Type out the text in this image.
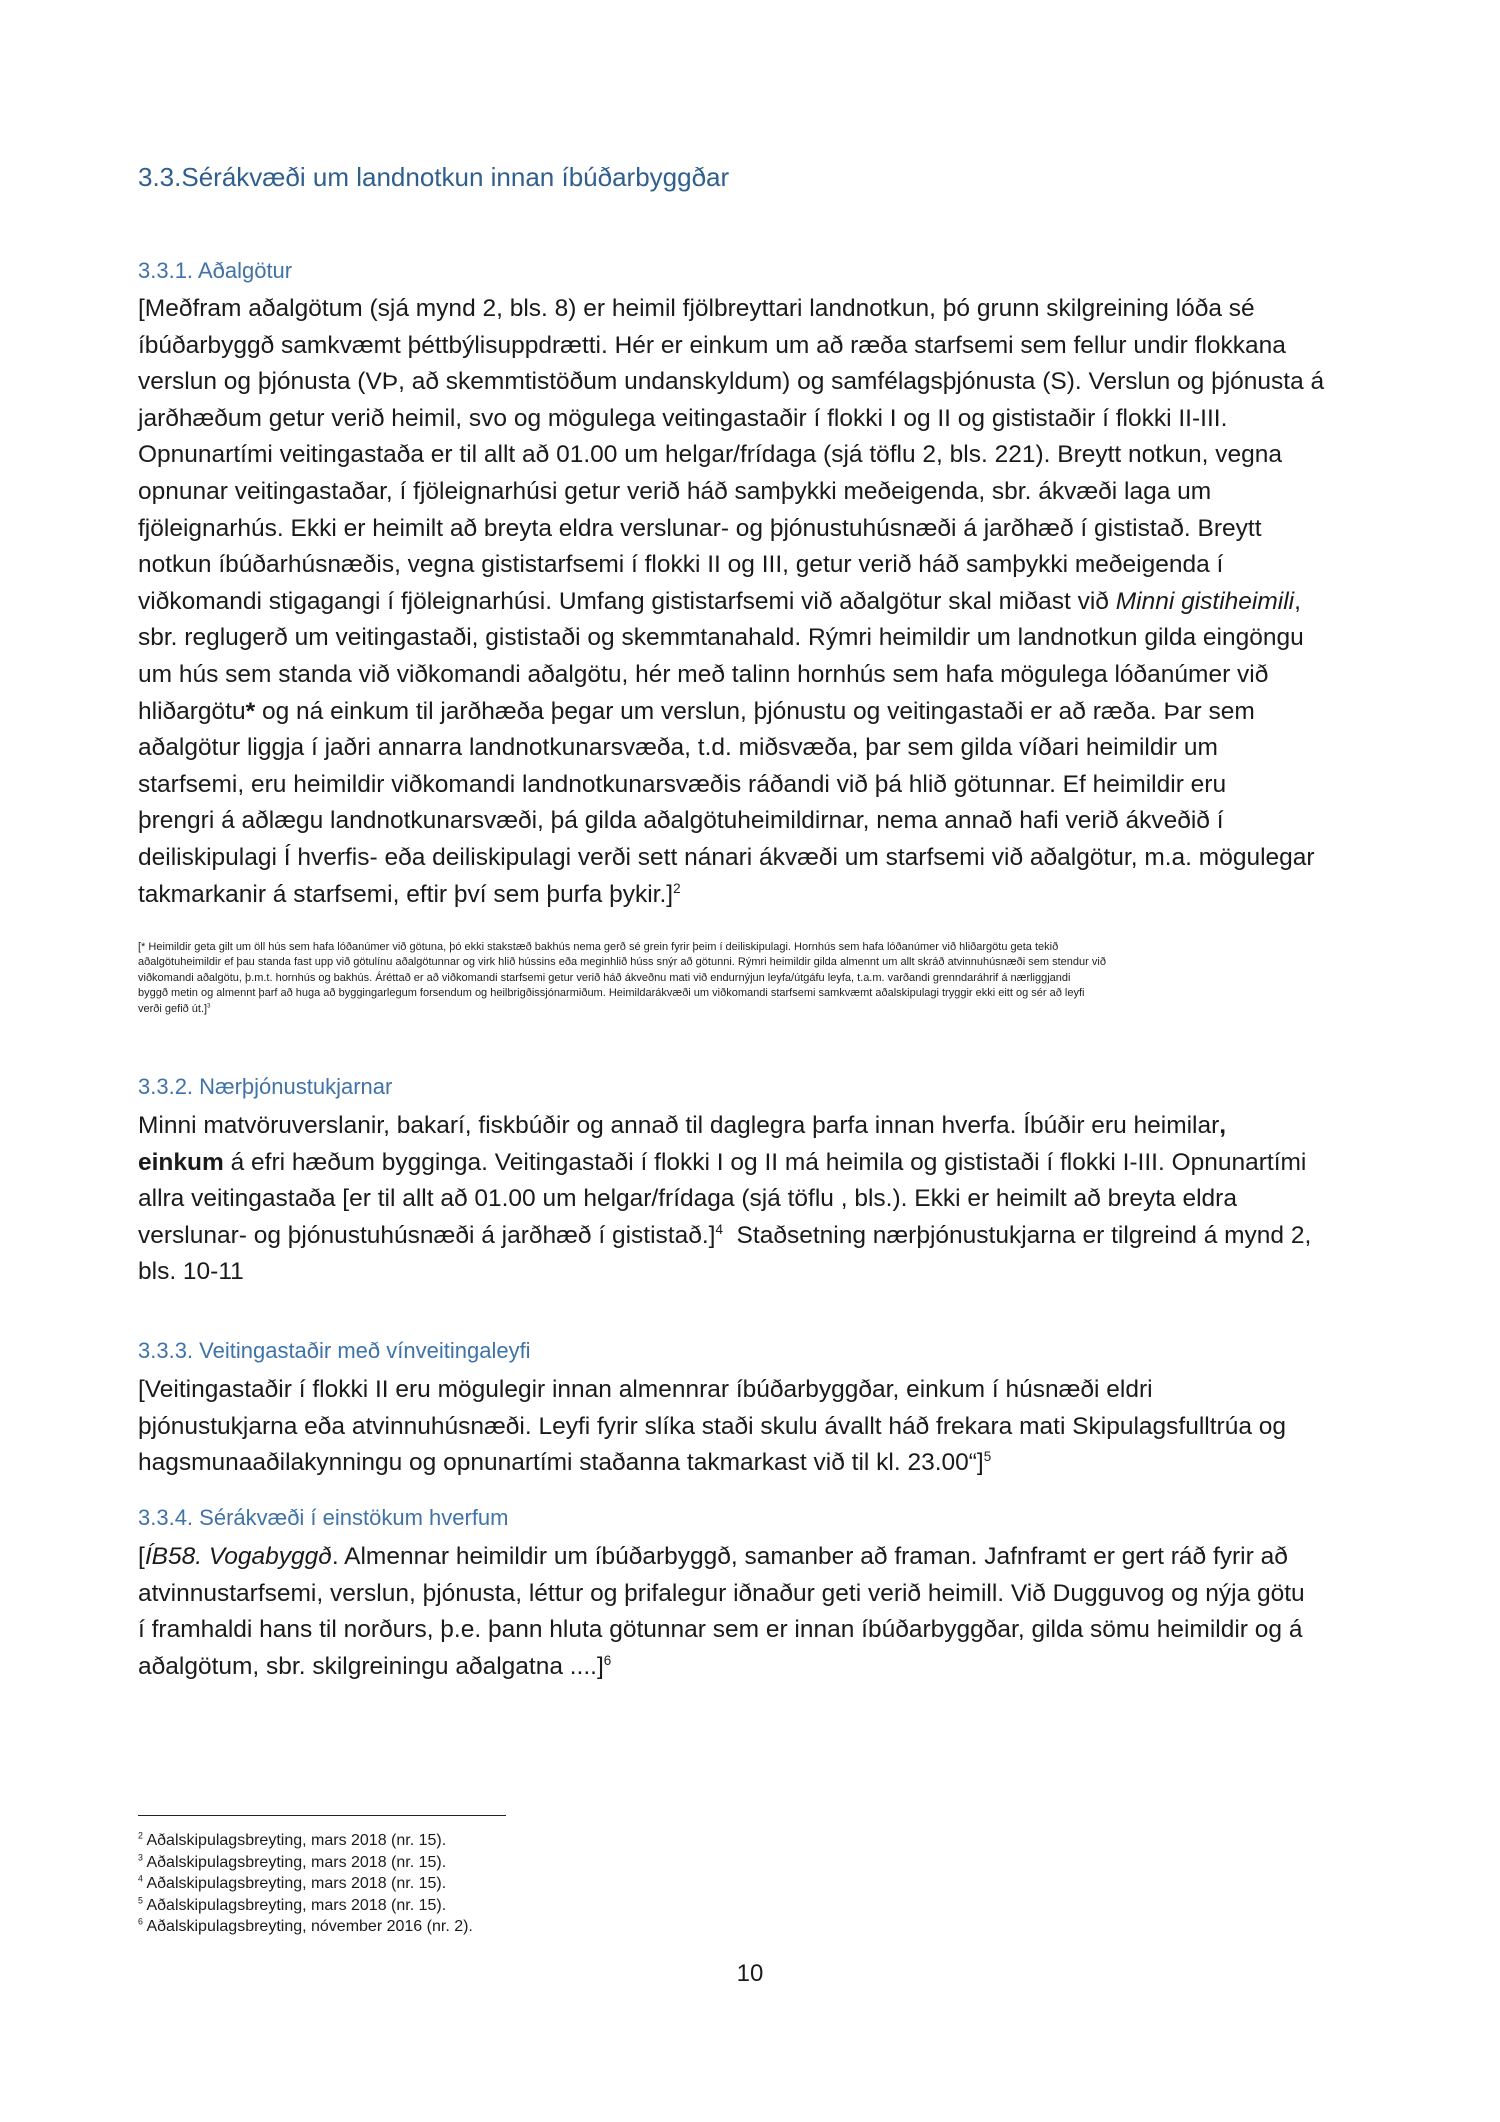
3.3.Sérákvæði um landnotkun innan íbúðarbyggðar
3.3.1. Aðalgötur
[Meðfram aðalgötum (sjá mynd 2, bls. 8) er heimil fjölbreyttari landnotkun, þó grunn skilgreining lóða sé
íbúðarbyggð samkvæmt þéttbýlisuppdrætti. Hér er einkum um að ræða starfsemi sem fellur undir flokkana
verslun og þjónusta (VÞ, að skemmtistöðum undanskyldum) og samfélagsþjónusta (S). Verslun og þjónusta á
jarðhæðum getur verið heimil, svo og mögulega veitingastaðir í flokki I og II og gististaðir í flokki II-III.
Opnunartími veitingastaða er til allt að 01.00 um helgar/frídaga (sjá töflu 2, bls. 221). Breytt notkun, vegna
opnunar veitingastaðar, í fjöleignarhúsi getur verið háð samþykki meðeigenda, sbr. ákvæði laga um
fjöleignarhús. Ekki er heimilt að breyta eldra verslunar- og þjónustuhúsnæði á jarðhæð í gististað. Breytt
notkun íbúðarhúsnæðis, vegna gististarfsemi í flokki II og III, getur verið háð samþykki meðeigenda í
viðkomandi stigagangi í fjöleignarhúsi. Umfang gististarfsemi við aðalgötur skal miðast við Minni gistiheimili,
sbr. reglugerð um veitingastaði, gististaði og skemmtanahald. Rýmri heimildir um landnotkun gilda eingöngu
um hús sem standa við viðkomandi aðalgötu, hér með talinn hornhús sem hafa mögulega lóðanúmer við
hliðargötu* og ná einkum til jarðhæða þegar um verslun, þjónustu og veitingastaði er að ræða. Þar sem
aðalgötur liggja í jaðri annarra landnotkunarsvæða, t.d. miðsvæða, þar sem gilda víðari heimildir um
starfsemi, eru heimildir viðkomandi landnotkunarsvæðis ráðandi við þá hlið götunnar. Ef heimildir eru
þrengri á aðlægu landnotkunarsvæði, þá gilda aðalgötuheimildirnar, nema annað hafi verið ákveðið í
deiliskipulagi Í hverfis- eða deiliskipulagi verði sett nánari ákvæði um starfsemi við aðalgötur, m.a. mögulegar
takmarkanir á starfsemi, eftir því sem þurfa þykir.]$^2$
[* Heimildir geta gilt um öll hús sem hafa lóðanúmer við götuna, þó ekki stakstæð bakhús nema gerð sé grein fyrir þeim í deiliskipulagi. Hornhús sem hafa lóðanúmer við hliðargötu geta tekið
aðalgötuheimildir ef þau standa fast upp við götulínu aðalgötunnar og virk hlið hússins eða meginhlið húss snýr að götunni. Rýmri heimildir gilda almennt um allt skráð atvinnuhúsnæði sem stendur við
viðkomandi aðalgötu, þ.m.t. hornhús og bakhús. Áréttað er að viðkomandi starfsemi getur verið háð ákveðnu mati við endurnýjun leyfa/útgáfu leyfa, t.a.m. varðandi grenndaráhrif á nærliggjandi
byggð metin og almennt þarf að huga að byggingarlegum forsendum og heilbrigðissjónarmiðum. Heimildarákvæði um viðkomandi starfsemi samkvæmt aðalskipulagi tryggir ekki eitt og sér að leyfi
verði gefið út.]$^3$
3.3.2. Nærþjónustukjarnar
Minni matvöruverslanir, bakarí, fiskbúðir og annað til daglegra þarfa innan hverfa. Íbúðir eru heimilar,
einkum á efri hæðum bygginga. Veitingastaði í flokki I og II má heimila og gististaði í flokki I-III. Opnunartími
allra veitingastaða [er til allt að 01.00 um helgar/frídaga (sjá töflu , bls.). Ekki er heimilt að breyta eldra
verslunar- og þjónustuhúsnæði á jarðhæð í gististað.]$^4$  Staðsetning nærþjónustukjarna er tilgreind á mynd 2,
bls. 10-11
3.3.3. Veitingastaðir með vínveitingaleyfi
[Veitingastaðir í flokki II eru mögulegir innan almennrar íbúðarbyggðar, einkum í húsnæði eldri
þjónustukjarna eða atvinnuhúsnæði. Leyfi fyrir slíka staði skulu ávallt háð frekara mati Skipulagsfulltrúa og
hagsmunaaðilakynningu og opnunartími staðanna takmarkast við til kl. 23.00“]$^5$
3.3.4. Sérákvæði í einstökum hverfum
[ÍB58. Vogabyggð. Almennar heimildir um íbúðarbyggð, samanber að framan. Jafnframt er gert ráð fyrir að
atvinnustarfsemi, verslun, þjónusta, léttur og þrifalegur iðnaður geti verið heimill. Við Dugguvog og nýja götu
í framhaldi hans til norðurs, þ.e. þann hluta götunnar sem er innan íbúðarbyggðar, gilda sömu heimildir og á
aðalgötum, sbr. skilgreiningu aðalgatna ....]$^6$
$^2$ Aðalskipulagsbreyting, mars 2018 (nr. 15).
$^3$ Aðalskipulagsbreyting, mars 2018 (nr. 15).
$^4$ Aðalskipulagsbreyting, mars 2018 (nr. 15).
$^5$ Aðalskipulagsbreyting, mars 2018 (nr. 15).
$^6$ Aðalskipulagsbreyting, nóvember 2016 (nr. 2).
10
